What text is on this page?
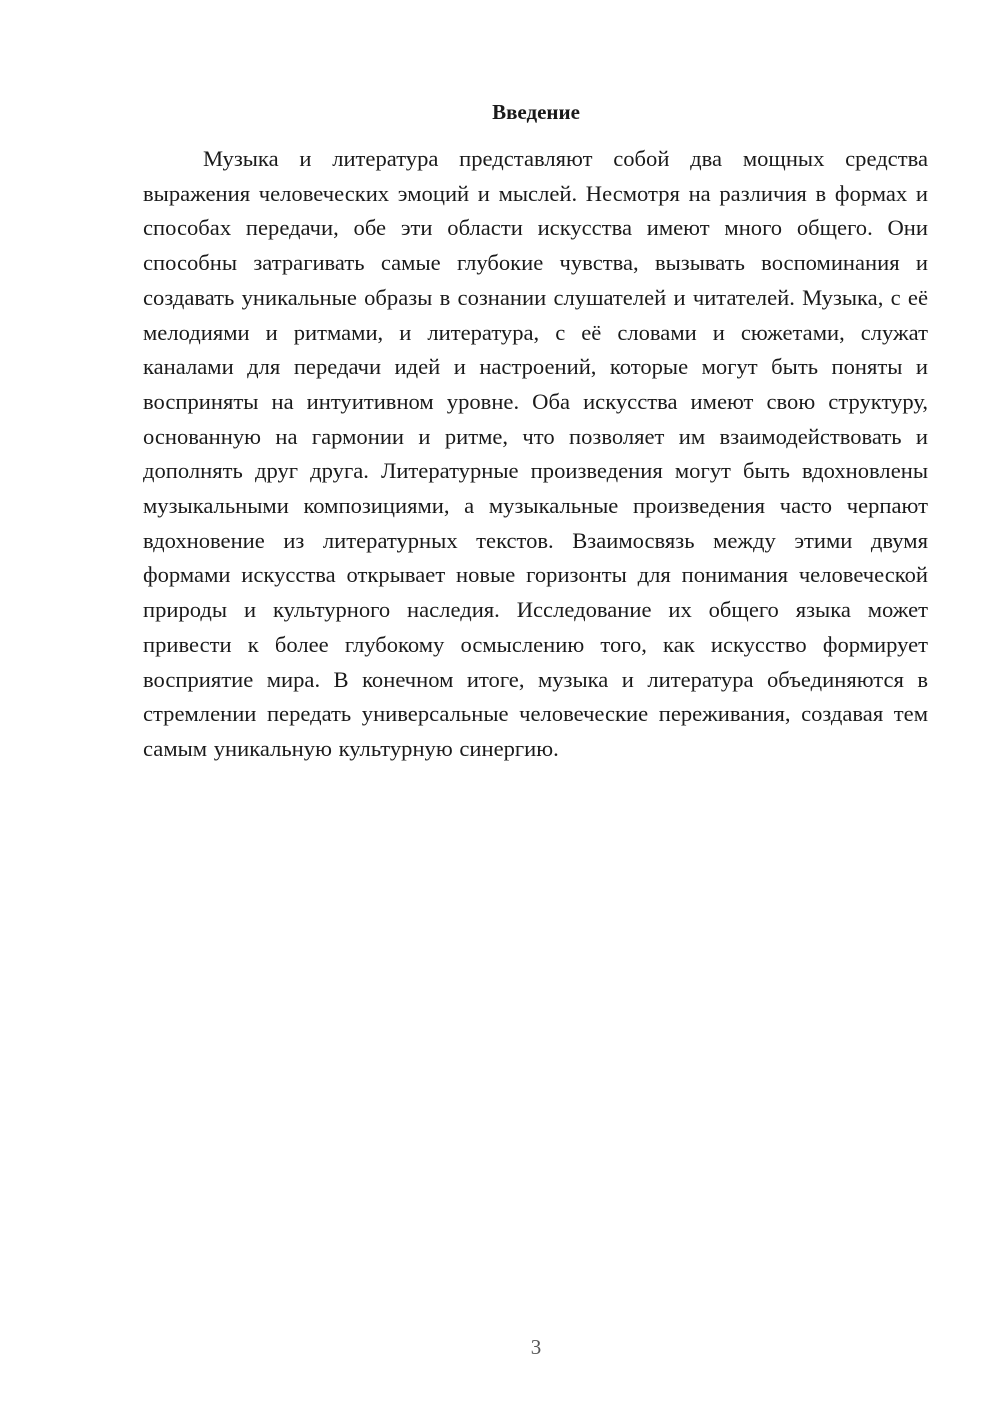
Введение

Музыка и литература представляют собой два мощных средства выражения человеческих эмоций и мыслей. Несмотря на различия в формах и способах передачи, обе эти области искусства имеют много общего. Они способны затрагивать самые глубокие чувства, вызывать воспоминания и создавать уникальные образы в сознании слушателей и читателей. Музыка, с её мелодиями и ритмами, и литература, с её словами и сюжетами, служат каналами для передачи идей и настроений, которые могут быть поняты и восприняты на интуитивном уровне. Оба искусства имеют свою структуру, основанную на гармонии и ритме, что позволяет им взаимодействовать и дополнять друг друга. Литературные произведения могут быть вдохновлены музыкальными композициями, а музыкальные произведения часто черпают вдохновение из литературных текстов. Взаимосвязь между этими двумя формами искусства открывает новые горизонты для понимания человеческой природы и культурного наследия. Исследование их общего языка может привести к более глубокому осмыслению того, как искусство формирует восприятие мира. В конечном итоге, музыка и литература объединяются в стремлении передать универсальные человеческие переживания, создавая тем самым уникальную культурную синергию.

3
